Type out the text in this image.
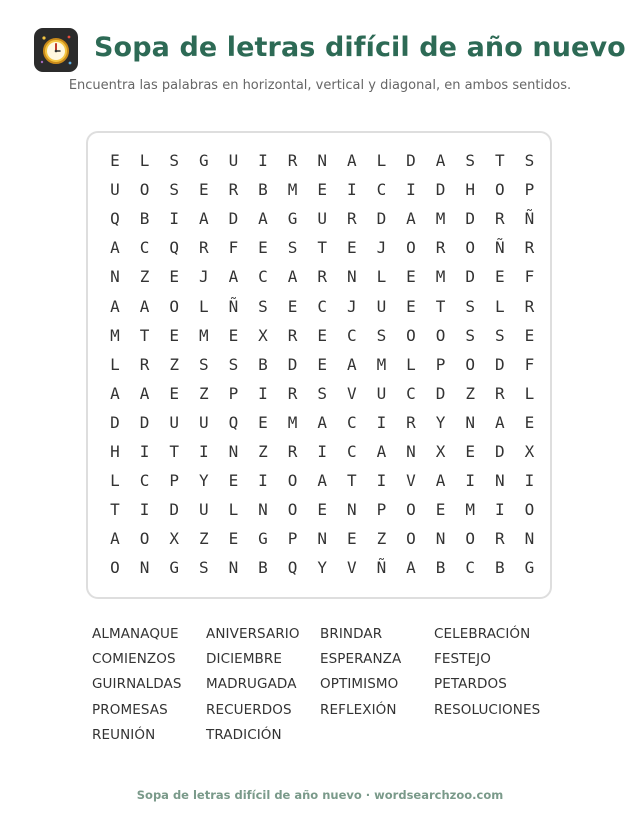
Sopa de letras difícil de año nuevo
Encuentra las palabras en horizontal, vertical y diagonal, en ambos sentidos.
E	L	S	G	U	I	R	N	A	L	D	A	S	T	S
U	O	S	E	R	B	M	E	I	C	I	D	H	O	P
Q	B	I	A	D	A	G	U	R	D	A	M	D	R	Ñ
A	C	Q	R	F	E	S	T	E	J	O	R	O	Ñ	R
N	Z	E	J	A	C	A	R	N	L	E	M	D	E	F
A	A	O	L	Ñ	S	E	C	J	U	E	T	S	L	R
M	T	E	M	E	X	R	E	C	S	O	O	S	S	E
L	R	Z	S	S	B	D	E	A	M	L	P	O	D	F
A	A	E	Z	P	I	R	S	V	U	C	D	Z	R	L
D	D	U	U	Q	E	M	A	C	I	R	Y	N	A	E
H	I	T	I	N	Z	R	I	C	A	N	X	E	D	X
L	C	P	Y	E	I	O	A	T	I	V	A	I	N	I
T	I	D	U	L	N	O	E	N	P	O	E	M	I	O
A	O	X	Z	E	G	P	N	E	Z	O	N	O	R	N
O	N	G	S	N	B	Q	Y	V	Ñ	A	B	C	B	G
ALMANAQUE ANIVERSARIO BRINDAR	CELEBRACIÓN
COMIENZOS DICIEMBRE	ESPERANZA FESTEJO
GUIRNALDAS MADRUGADA OPTIMISMO	PETARDOS
PROMESAS	RECUERDOS REFLEXIÓN	RESOLUCIONES
REUNIÓN	TRADICIÓN
Sopa de letras difícil de año nuevo · wordsearchzoo.com
